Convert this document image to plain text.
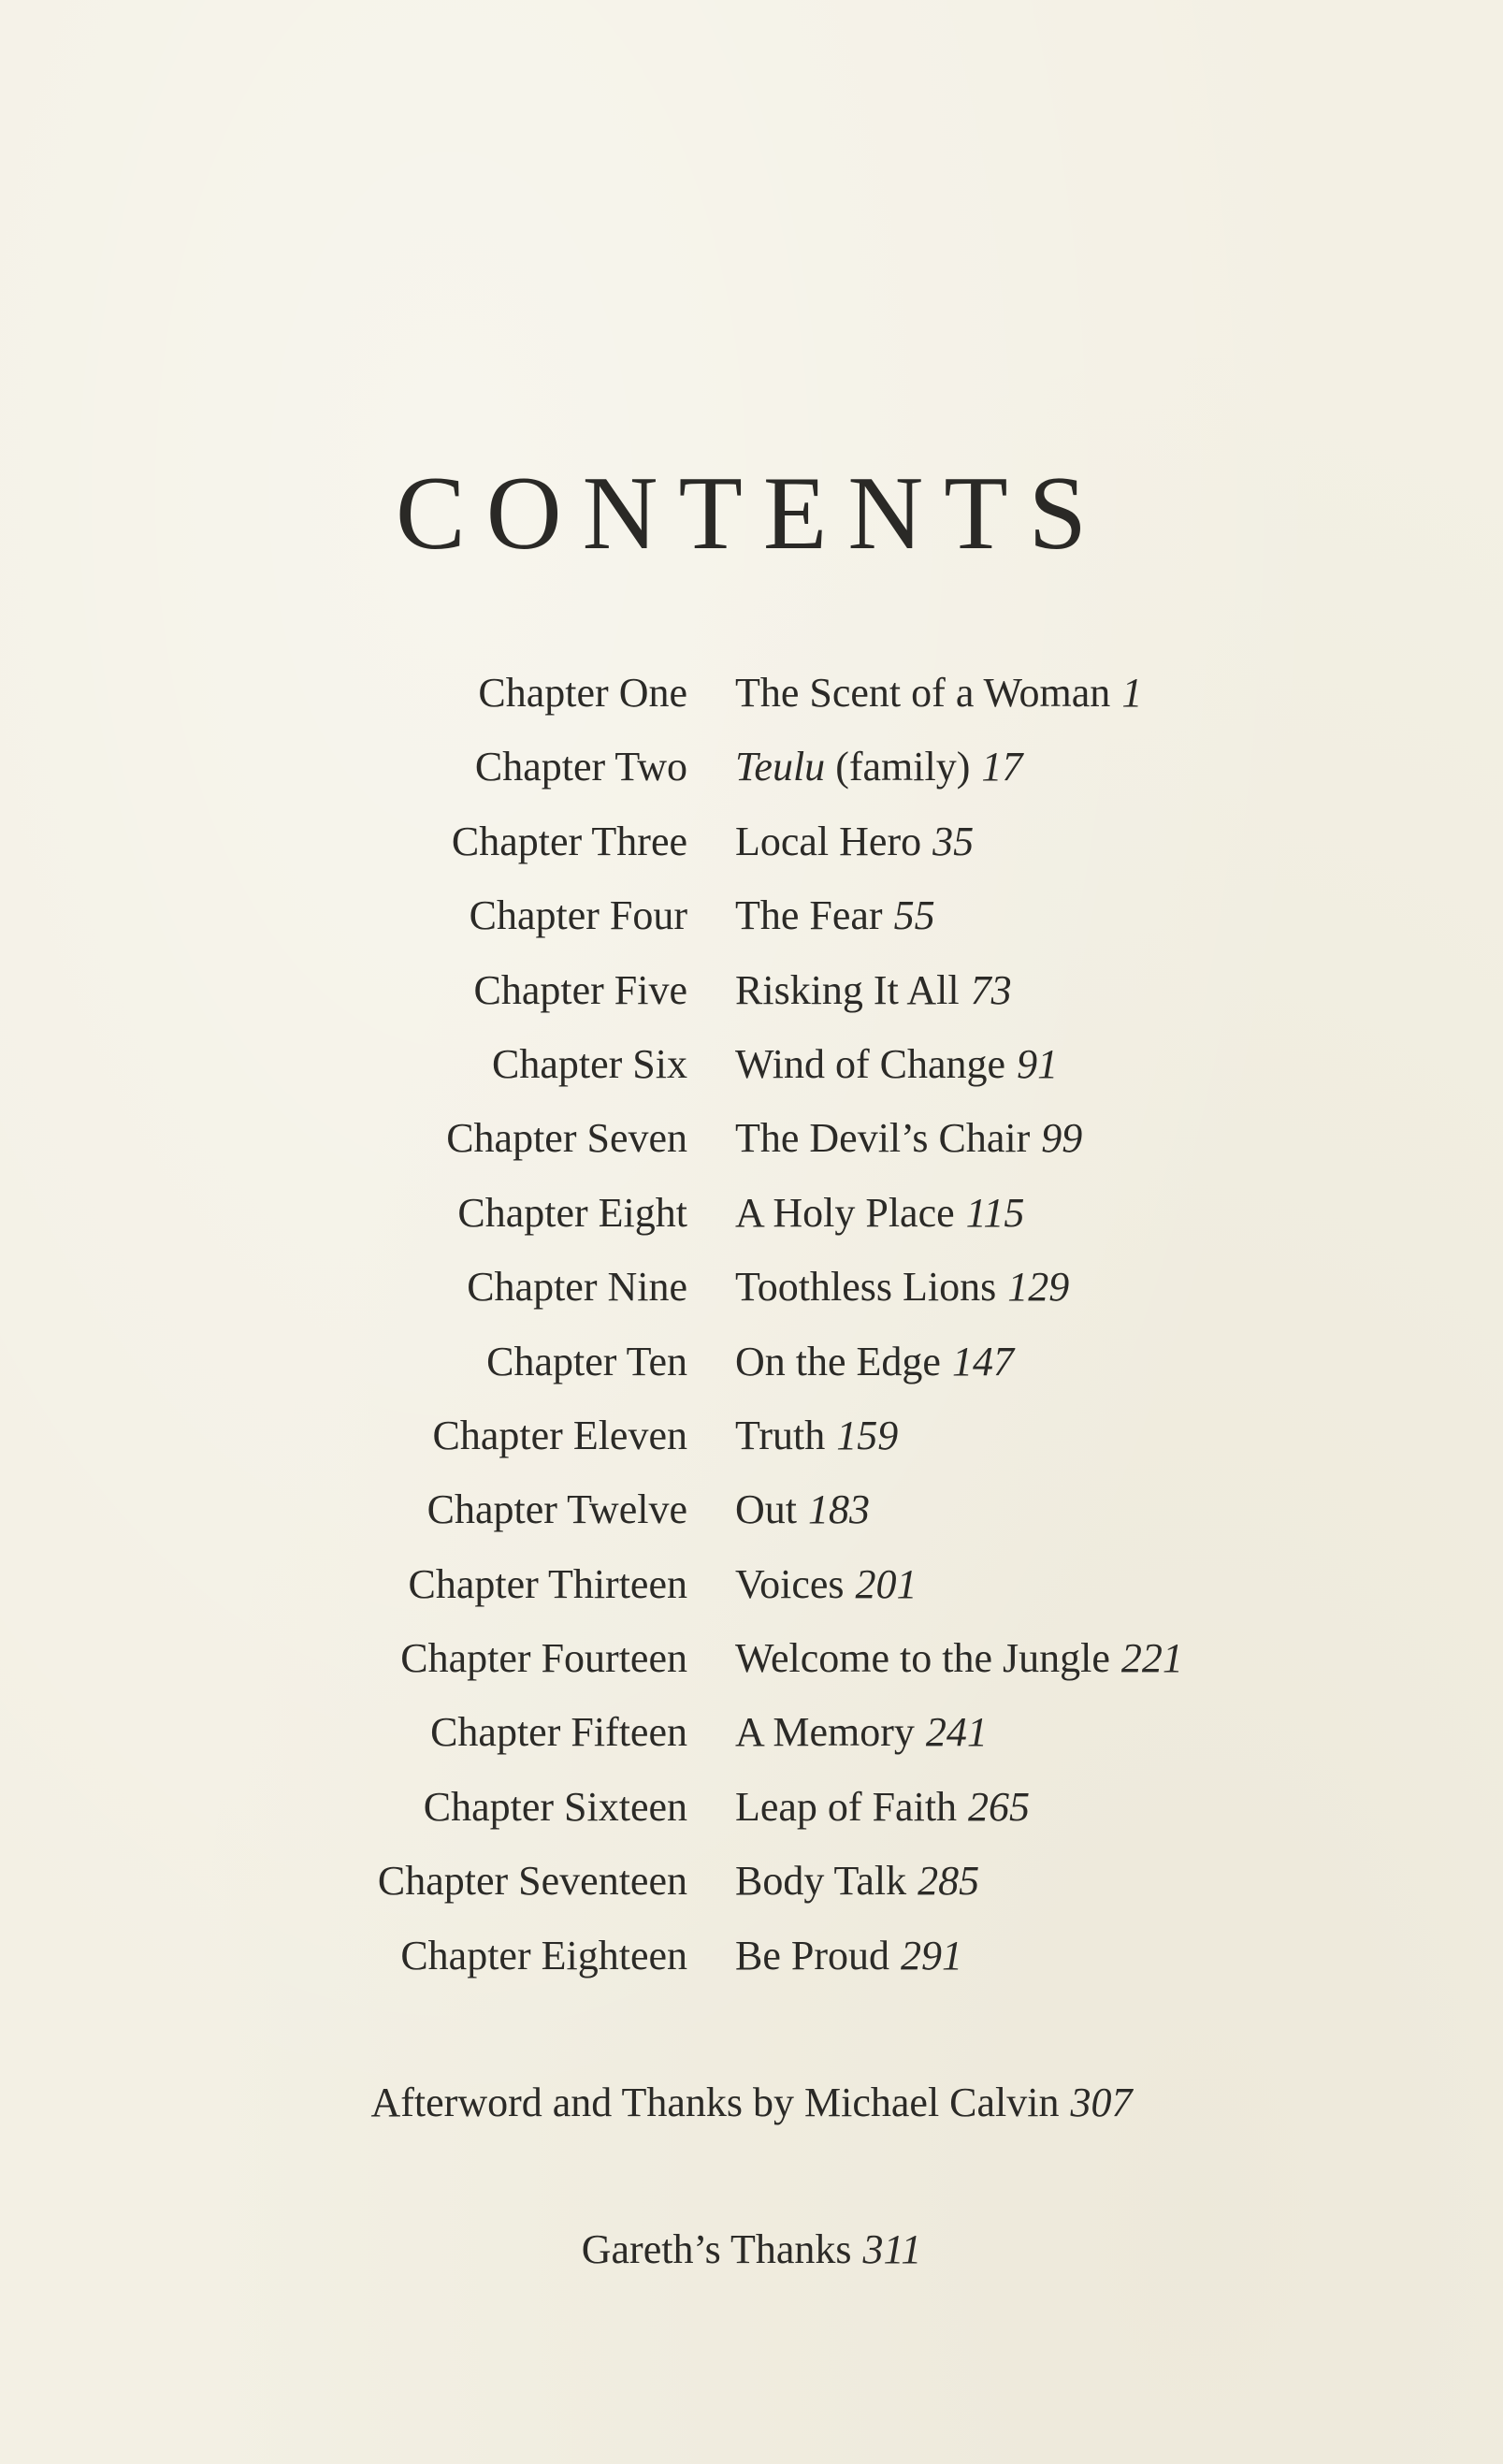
CONTENTS
Chapter One The Scent of a Woman 1
Chapter Two Teulu (family) 17
Chapter Three Local Hero 35
Chapter Four The Fear 55
Chapter Five Risking It All 73
Chapter Six Wind of Change 91
Chapter Seven The Devil’s Chair 99
Chapter Eight A Holy Place 115
Chapter Nine Toothless Lions 129
Chapter Ten On the Edge 147
Chapter Eleven Truth 159
Chapter Twelve Out 183
Chapter Thirteen Voices 201
Chapter Fourteen Welcome to the Jungle 221
Chapter Fifteen A Memory 241
Chapter Sixteen Leap of Faith 265
Chapter Seventeen Body Talk 285
Chapter Eighteen Be Proud 291
Afterword and Thanks by Michael Calvin 307
Gareth’s Thanks 311
